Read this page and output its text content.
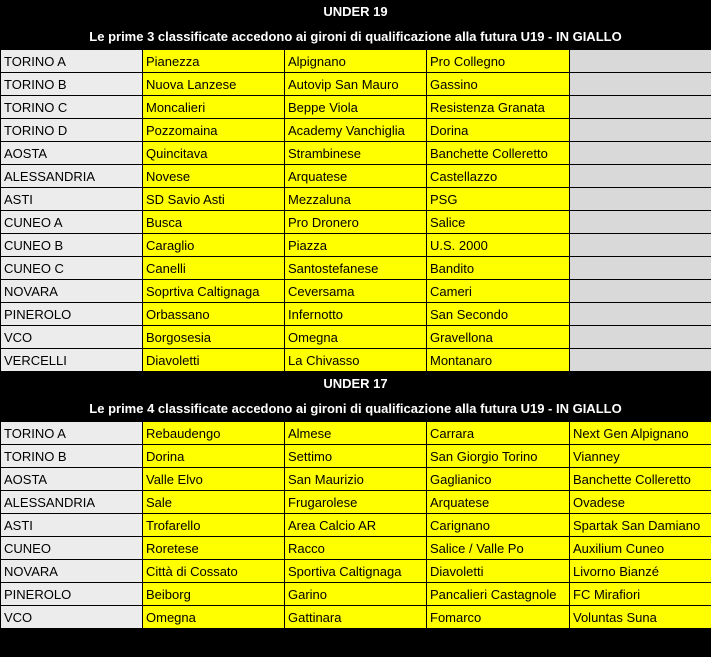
UNDER 19
Le prime 3 classificate accedono ai gironi di qualificazione alla futura U19 - IN GIALLO
TORINO A	Pianezza	Alpignano	Pro Collegno	
TORINO B	Nuova Lanzese	Autovip San Mauro	Gassino	
TORINO C	Moncalieri	Beppe Viola	Resistenza Granata	
TORINO D	Pozzomaina	Academy Vanchiglia	Dorina	
AOSTA	Quincitava	Strambinese	Banchette Colleretto	
ALESSANDRIA	Novese	Arquatese	Castellazzo	
ASTI	SD Savio Asti	Mezzaluna	PSG	
CUNEO A	Busca	Pro Dronero	Salice	
CUNEO B	Caraglio	Piazza	U.S. 2000	
CUNEO C	Canelli	Santostefanese	Bandito	
NOVARA	Soprtiva Caltignaga	Ceversama	Cameri	
PINEROLO	Orbassano	Infernotto	San Secondo	
VCO	Borgosesia	Omegna	Gravellona	
VERCELLI	Diavoletti	La Chivasso	Montanaro	
UNDER 17
Le prime 4 classificate accedono ai gironi di qualificazione alla futura U19 - IN GIALLO
TORINO A	Rebaudengo	Almese	Carrara	Next Gen Alpignano
TORINO B	Dorina	Settimo	San Giorgio Torino	Vianney
AOSTA	Valle Elvo	San Maurizio	Gaglianico	Banchette Colleretto
ALESSANDRIA	Sale	Frugarolese	Arquatese	Ovadese
ASTI	Trofarello	Area Calcio AR	Carignano	Spartak San Damiano
CUNEO	Roretese	Racco	Salice / Valle Po	Auxilium Cuneo
NOVARA	Città di Cossato	Sportiva Caltignaga	Diavoletti	Livorno Bianzé
PINEROLO	Beiborg	Garino	Pancalieri Castagnole	FC Mirafiori
VCO	Omegna	Gattinara	Fomarco	Voluntas Suna
